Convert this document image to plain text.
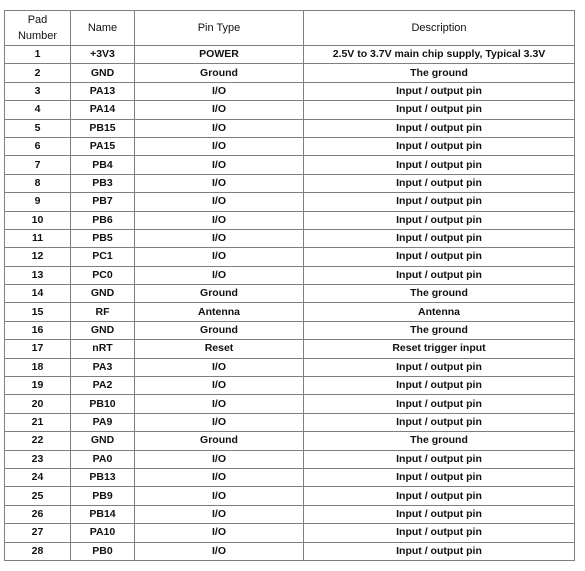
Pad
Number	Name	Pin Type	Description
1	+3V3	POWER	2.5V to 3.7V main chip supply, Typical 3.3V
2	GND	Ground	The ground
3	PA13	I/O	Input / output pin
4	PA14	I/O	Input / output pin
5	PB15	I/O	Input / output pin
6	PA15	I/O	Input / output pin
7	PB4	I/O	Input / output pin
8	PB3	I/O	Input / output pin
9	PB7	I/O	Input / output pin
10	PB6	I/O	Input / output pin
11	PB5	I/O	Input / output pin
12	PC1	I/O	Input / output pin
13	PC0	I/O	Input / output pin
14	GND	Ground	The ground
15	RF	Antenna	Antenna
16	GND	Ground	The ground
17	nRT	Reset	Reset trigger input
18	PA3	I/O	Input / output pin
19	PA2	I/O	Input / output pin
20	PB10	I/O	Input / output pin
21	PA9	I/O	Input / output pin
22	GND	Ground	The ground
23	PA0	I/O	Input / output pin
24	PB13	I/O	Input / output pin
25	PB9	I/O	Input / output pin
26	PB14	I/O	Input / output pin
27	PA10	I/O	Input / output pin
28	PB0	I/O	Input / output pin
